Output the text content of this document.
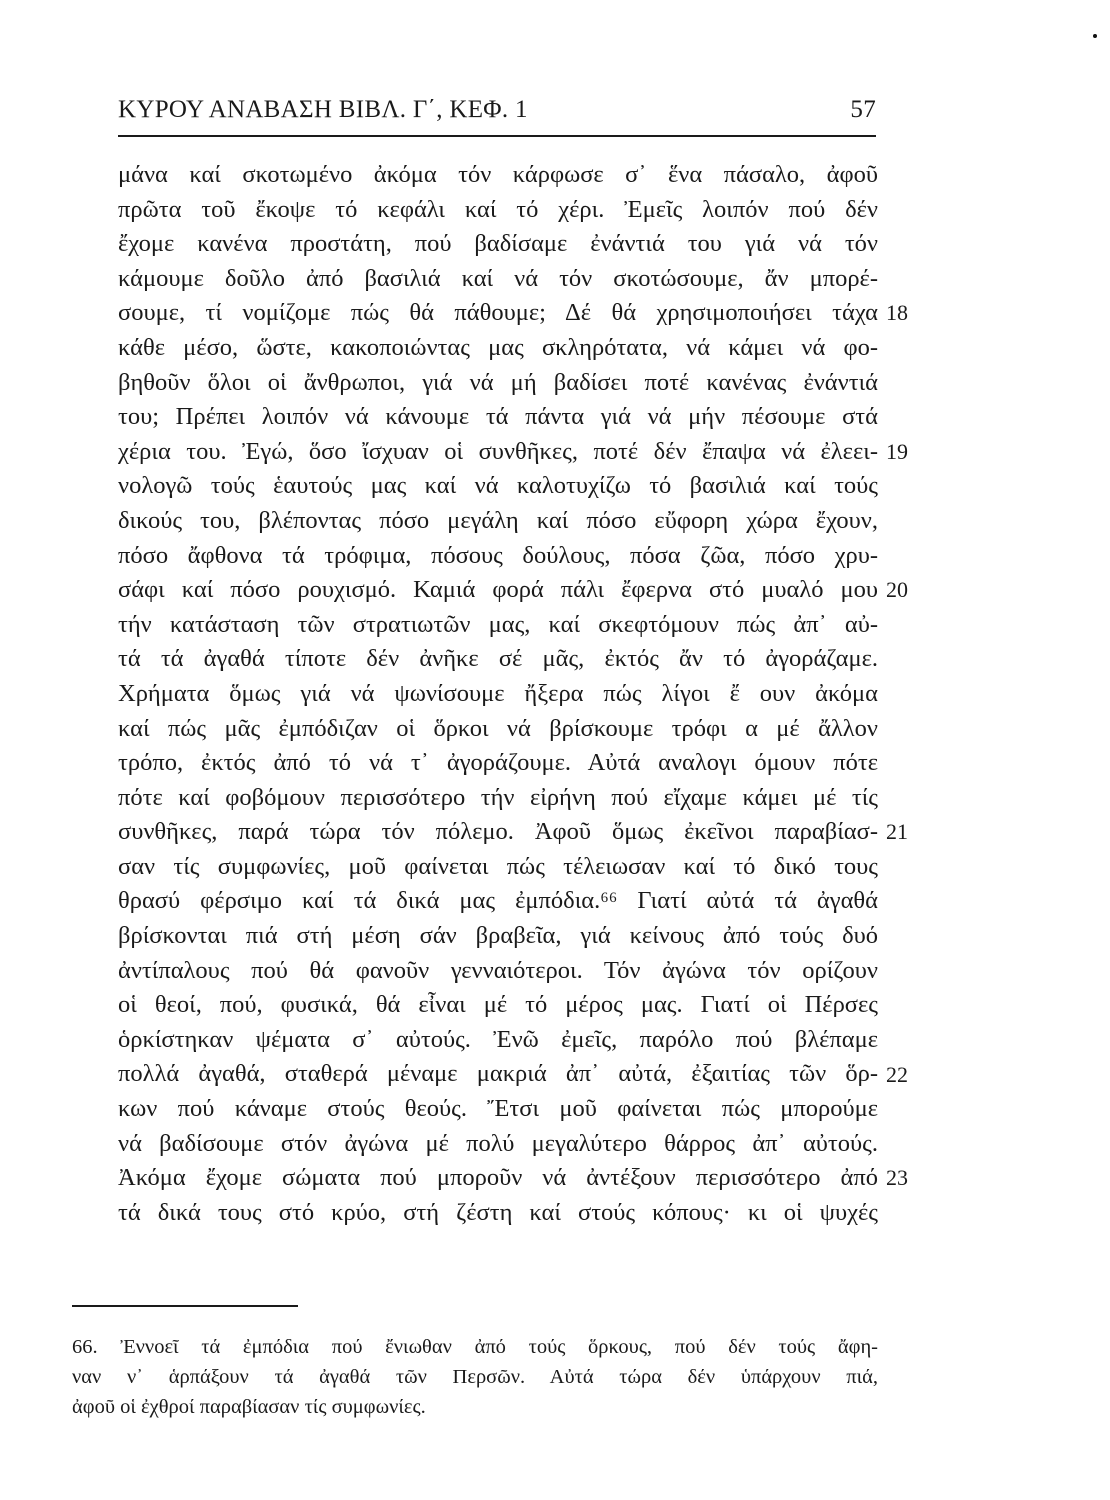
ΚΥΡΟΥ ΑΝΑΒΑΣΗ ΒΙΒΛ. Γ΄, ΚΕΦ. 1	57
μάνα καί σκοτωμένο ἀκόμα τόν κάρφωσε σ᾿ ἕνα πάσαλο, ἀφοῦ
πρῶτα τοῦ ἔκοψε τό κεφάλι καί τό χέρι. Ἐμεῖς λοιπόν πού δέν
ἔχομε κανένα προστάτη, πού βαδίσαμε ἐνάντιά του γιά νά τόν
κάμουμε δοῦλο ἀπό βασιλιά καί νά τόν σκοτώσουμε, ἄν μπορέ-
σουμε, τί νομίζομε πώς θά πάθουμε; Δέ θά χρησιμοποιήσει τάχα
κάθε μέσο, ὥστε, κακοποιώντας μας σκληρότατα, νά κάμει νά φο-
βηθοῦν ὅλοι οἱ ἄνθρωποι, γιά νά μή βαδίσει ποτέ κανένας ἐνάντιά
του; Πρέπει λοιπόν νά κάνουμε τά πάντα γιά νά μήν πέσουμε στά
χέρια του. Ἐγώ, ὅσο ἴσχυαν οἱ συνθῆκες, ποτέ δέν ἔπαψα νά ἐλεει-
νολογῶ τούς ἑαυτούς μας καί νά καλοτυχίζω τό βασιλιά καί τούς
δικούς του, βλέποντας πόσο μεγάλη καί πόσο εὔφορη χώρα ἔχουν,
πόσο ἄφθονα τά τρόφιμα, πόσους δούλους, πόσα ζῶα, πόσο χρυ-
σάφι καί πόσο ρουχισμό. Καμιά φορά πάλι ἔφερνα στό μυαλό μου
τήν κατάσταση τῶν στρατιωτῶν μας, καί σκεφτόμουν πώς ἀπ᾿ αὐ-
τά τά ἀγαθά τίποτε δέν ἀνῆκε σέ μᾶς, ἐκτός ἄν τό ἀγοράζαμε.
Χρήματα ὅμως γιά νά ψωνίσουμε ἤξερα πώς λίγοι ἔ ουν ἀκόμα
καί πώς μᾶς ἐμπόδιζαν οἱ ὅρκοι νά βρίσκουμε τρόφι α μέ ἄλλον
τρόπο, ἐκτός ἀπό τό νά τ᾿ ἀγοράζουμε. Αὐτά αναλογι όμουν πότε
πότε καί φοβόμουν περισσότερο τήν εἰρήνη πού εἴχαμε κάμει μέ τίς
συνθῆκες, παρά τώρα τόν πόλεμο. Ἀφοῦ ὅμως ἐκεῖνοι παραβίασ-
σαν τίς συμφωνίες, μοῦ φαίνεται πώς τέλειωσαν καί τό δικό τους
θρασύ φέρσιμο καί τά δικά μας ἐμπόδια.⁶⁶ Γιατί αὐτά τά ἀγαθά
βρίσκονται πιά στή μέση σάν βραβεῖα, γιά κείνους ἀπό τούς δυό
ἀντίπαλους πού θά φανοῦν γενναιότεροι. Τόν ἀγώνα τόν ορίζουν
οἱ θεοί, πού, φυσικά, θά εἶναι μέ τό μέρος μας. Γιατί οἱ Πέρσες
ὁρκίστηκαν ψέματα σ᾿ αὐτούς. Ἐνῶ ἐμεῖς, παρόλο πού βλέπαμε
πολλά ἀγαθά, σταθερά μέναμε μακριά ἀπ᾿ αὐτά, ἐξαιτίας τῶν ὅρ-
κων πού κάναμε στούς θεούς. Ἔτσι μοῦ φαίνεται πώς μπορούμε
νά βαδίσουμε στόν ἀγώνα μέ πολύ μεγαλύτερο θάρρος ἀπ᾿ αὐτούς.
Ἀκόμα ἔχομε σώματα πού μποροῦν νά ἀντέξουν περισσότερο ἀπό
τά δικά τους στό κρύο, στή ζέστη καί στούς κόπους· κι οἱ ψυχές
18
19
20
21
22
23
66. Ἐννοεῖ τά ἐμπόδια πού ἔνιωθαν ἀπό τούς ὅρκους, πού δέν τούς ἄφη-
ναν ν᾿ ἁρπάξουν τά ἀγαθά τῶν Περσῶν. Αὐτά τώρα δέν ὑπάρχουν πιά,
ἀφοῦ οἱ ἐχθροί παραβίασαν τίς συμφωνίες.
